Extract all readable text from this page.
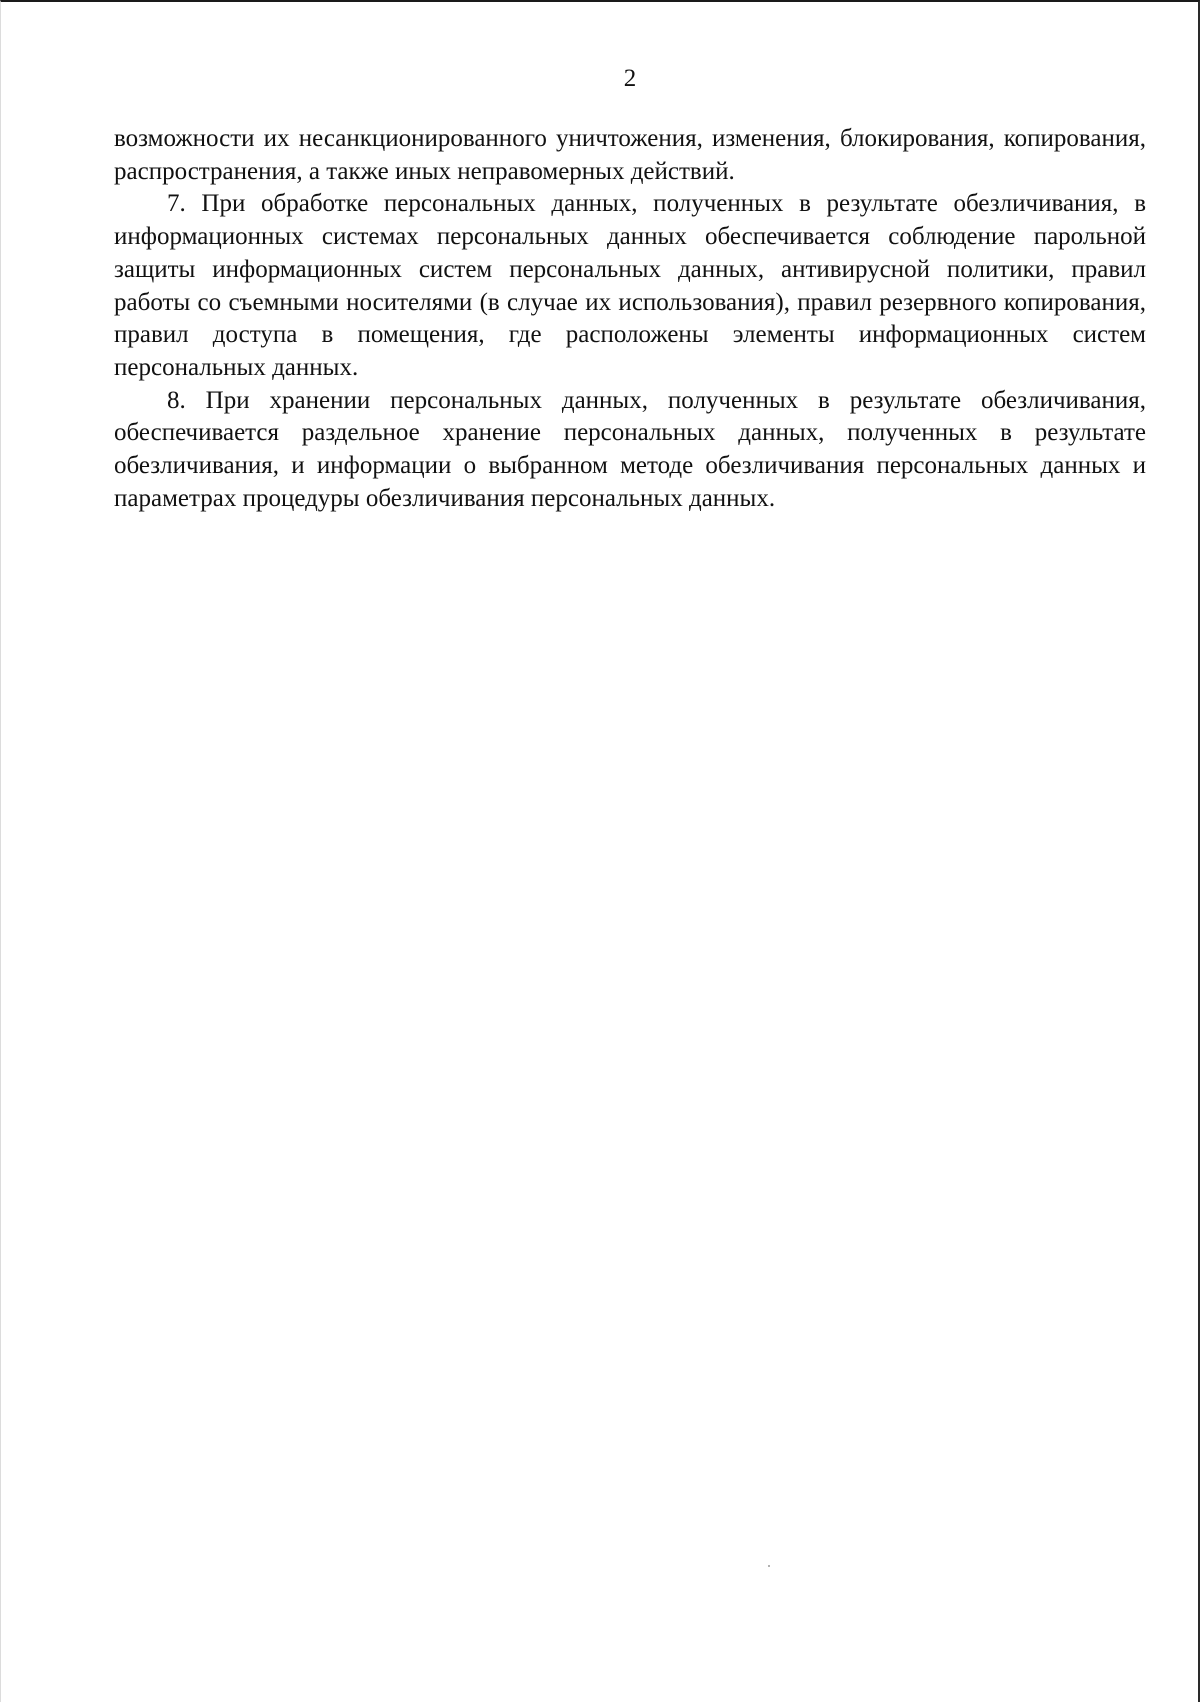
2

возможности их несанкционированного уничтожения, изменения, блокирования, копирования, распространения, а также иных неправомерных действий.

7. При обработке персональных данных, полученных в результате обезличивания, в информационных системах персональных данных обеспечивается соблюдение парольной защиты информационных систем персональных данных, антивирусной политики, правил работы со съемными носителями (в случае их использования), правил резервного копирования, правил доступа в помещения, где расположены элементы информационных систем персональных данных.

8. При хранении персональных данных, полученных в результате обезличивания, обеспечивается раздельное хранение персональных данных, полученных в результате обезличивания, и информации о выбранном методе обезличивания персональных данных и параметрах процедуры обезличивания персональных данных.
